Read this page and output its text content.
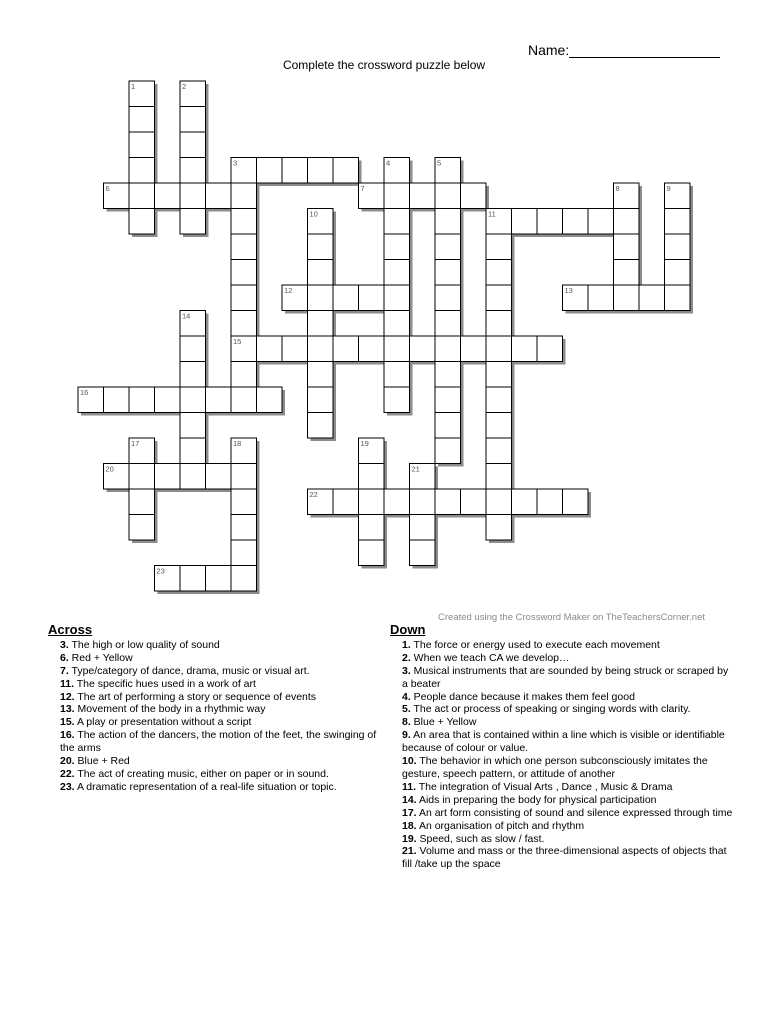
Name:
Complete the crossword puzzle below
1	2
3	4	5
6	7	8	9
10	11
12	13
14
15
16
17	18	19
20	21
22
23
Created using the Crossword Maker on TheTeachersCorner.net
Across
3. The high or low quality of sound
6. Red + Yellow
7. Type/category of dance, drama, music or visual art.
11. The specific hues used in a work of art
12. The art of performing a story or sequence of events
13. Movement of the body in a rhythmic way
15. A play or presentation without a script
16. The action of the dancers, the motion of the feet, the swinging of the arms
20. Blue + Red
22. The act of creating music, either on paper or in sound.
23. A dramatic representation of a real-life situation or topic.
Down
1. The force or energy used to execute each movement
2. When we teach CA we develop…
3. Musical instruments that are sounded by being struck or scraped by a beater
4. People dance because it makes them feel good
5. The act or process of speaking or singing words with clarity.
8. Blue + Yellow
9. An area that is contained within a line which is visible or identifiable because of colour or value.
10. The behavior in which one person subconsciously imitates the gesture, speech pattern, or attitude of another
11. The integration of Visual Arts , Dance , Music & Drama
14. Aids in preparing the body for physical participation
17. An art form consisting of sound and silence expressed through time
18. An organisation of pitch and rhythm
19. Speed, such as slow / fast.
21. Volume and mass or the three-dimensional aspects of objects that fill /take up the space
